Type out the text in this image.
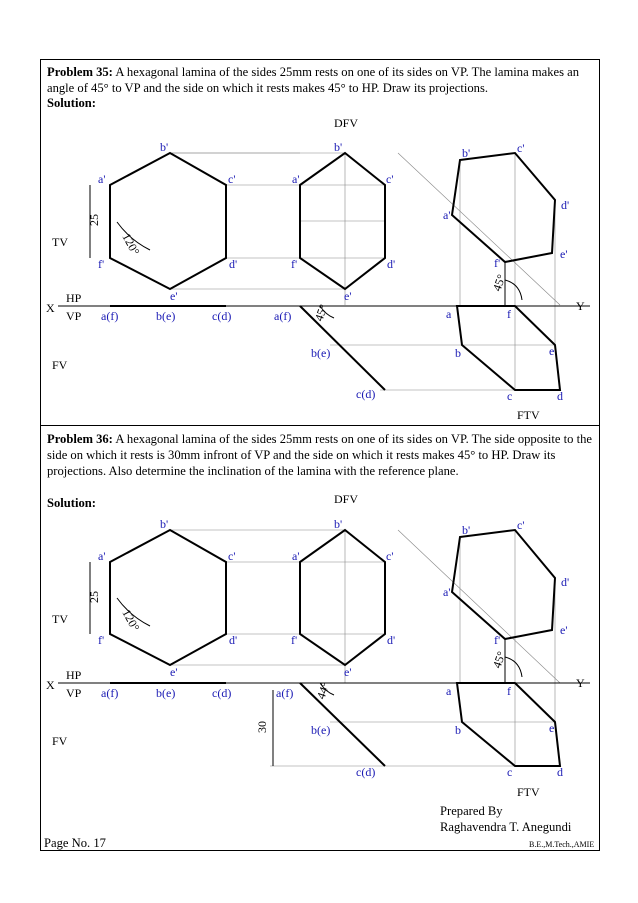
Problem 35: A hexagonal lamina of the sides 25mm rests on one of its sides on VP. The lamina makes an angle of 45° to VP and the side on which it rests makes 45° to HP. Draw its projections.
Solution:
Problem 36: A hexagonal lamina of the sides 25mm rests on one of its sides on VP. The side opposite to the side on which it rests is 30mm infront of VP and the side on which it rests makes 45° to HP. Draw its projections. Also determine the inclination of the lamina with the reference plane.
Solution:
X	Y
HP
VP
TV
FV
DFV
FTV
25
120°
45°
45°
b'
c'
a'
d'
f'
e'
b'
c'
a'
d'
f'
e'
b'	c'
a'
d'
f'
e'
a(f)	b(e)	c(d)	a(f)
b(e)
c(d)
a	f
b	e
c	d
X	Y
HP
VP
TV
FV
DFV
FTV
25
120°
30
44°
45°
b'
c'
a'
d'
f'
e'
b'
c'
a'
d'
f'
e'
b'	c'
a'
d'
f'
e'
a(f)	b(e)	c(d)	a(f)
b(e)
c(d)
a	f
b	e
c	d
Prepared By
Raghavendra T. Anegundi
Page No. 17	B.E.,M.Tech.,AMIE
